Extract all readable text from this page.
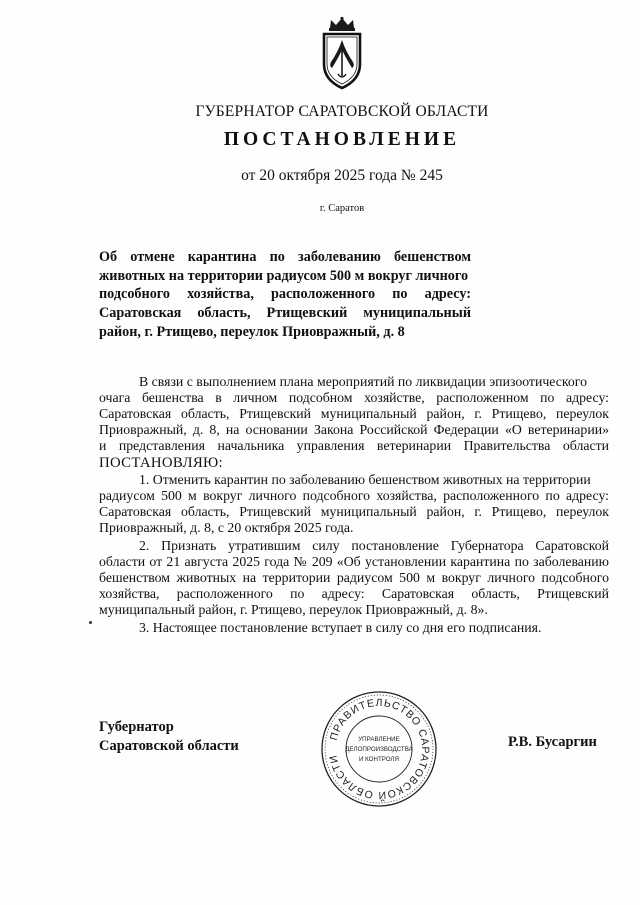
ГУБЕРНАТОР САРАТОВСКОЙ ОБЛАСТИ
ПОСТАНОВЛЕНИЕ
от 20 октября 2025 года № 245
г. Саратов
Об отмене карантина по заболеванию бешенством
животных на территории радиусом 500 м вокруг личного
подсобного хозяйства, расположенного по адресу:
Саратовская область, Ртищевский муниципальный
район, г. Ртищево, переулок Приовражный, д. 8
В связи с выполнением плана мероприятий по ликвидации эпизоотического
очага бешенства в личном подсобном хозяйстве, расположенном по адресу:
Саратовская область, Ртищевский муниципальный район, г. Ртищево, переулок
Приовражный, д. 8, на основании Закона Российской Федерации «О ветеринарии»
и представления начальника управления ветеринарии Правительства области
ПОСТАНОВЛЯЮ:
1. Отменить карантин по заболеванию бешенством животных на территории
радиусом 500 м вокруг личного подсобного хозяйства, расположенного по адресу:
Саратовская область, Ртищевский муниципальный район, г. Ртищево, переулок
Приовражный, д. 8, с 20 октября 2025 года.
2. Признать утратившим силу постановление Губернатора Саратовской
области от 21 августа 2025 года № 209 «Об установлении карантина по заболеванию
бешенством животных на территории радиусом 500 м вокруг личного подсобного
хозяйства, расположенного по адресу: Саратовская область, Ртищевский
муниципальный район, г. Ртищево, переулок Приовражный, д. 8».
3. Настоящее постановление вступает в силу со дня его подписания.
Губернатор
Саратовской области
ПРАВИТЕЛЬСТВО САРАТОВСКОЙ ОБЛАСТИ
УПРАВЛЕНИЕ
ДЕЛОПРОИЗВОДСТВА
И КОНТРОЛЯ
Р.В. Бусаргин
